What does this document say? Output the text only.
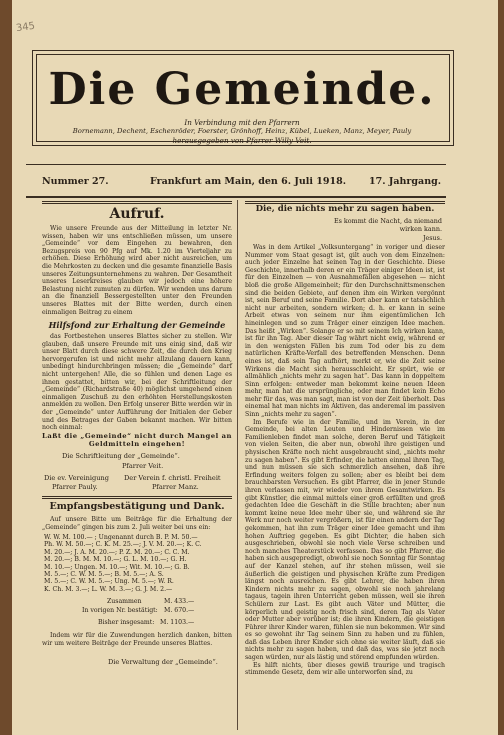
345
Die Gemeinde.
In Verbindung mit den Pfarrern
Bornemann, Dechent, Eschenröder, Foerster, Grönhoff, Heinz, Kübel, Lueken, Manz, Meyer, Pauly
herausgegeben von Pfarrer Willy Veit.
Nummer 27.	Frankfurt am Main, den 6. Juli 1918. 17. Jahrgang.
Aufruf.

Wie unsere Freunde aus der Mitteilung in letzter Nr. wissen, haben wir uns entschließen müssen, um unsere „Gemeinde“ vor dem Eingehen zu bewahren, den Bezugspreis von 90 Pfg auf Mk. 1.20 im Vierteljahr zu erhöhen. Diese Erhöhung wird aber nicht ausreichen, um die Mehrkosten zu decken und die gesamte finanzielle Basis unseres Zeitungsunternehmens zu wahren. Der Gesamtheit unseres Leserkreises glauben wir jedoch eine höhere Belastung nicht zumuten zu dürfen. Wir wenden uns darum an die finanziell Bessergestellten unter den Freunden unseres Blattes mit der Bitte werden, durch einen einmaligen Beitrag zu einem

Hilfsfond zur Erhaltung der Gemeinde

das Fortbestehen unseres Blattes sicher zu stellen. Wir glauben, daß unsere Freunde mit uns einig sind, daß wir unser Blatt durch diese schwere Zeit, die durch den Krieg hervorgerufen ist und nicht mehr allzulang dauern kann, unbedingt hindurchbringen müssen; die „Gemeinde“ darf nicht untergehen! Alle, die so fühlen und denen Lage es ihnen gestattet, bitten wir, bei der Schriftleitung der „Gemeinde“ (Richardstraße 40) möglichst umgehend einen einmaligen Zuschuß zu den erhöhten Herstellungskosten anmelden zu wollen. Den Erfolg unserer Bitte werden wir in der „Gemeinde“ unter Aufführung der Initialen der Geber und des Betrages der Gaben bekannt machen. Wir bitten noch einmal:

Laßt die „Gemeinde“ nicht durch Mangel an Geldmitteln eingehen!
Die Schriftleitung der „Gemeinde“.
Pfarrer Veit.
Die ev. Vereinigung
Pfarrer Pauly.
Der Verein f. christl. Freiheit
Pfarrer Manz.
Empfangsbestätigung und Dank.

Auf unsere Bitte um Beiträge für die Erhaltung der „Gemeinde“ gingen bis zum 2. Juli weiter bei uns ein:

W. W. M. 100.— ; Ungenannt durch B. P. M. 50.—
Ph. W. M. 50.—; C. K. M. 25.—; J. V. M. 20.—; K. C.
M. 20.—; J. A. M. 20.—; P. Z. M. 20.—; C. C. M.
M. 20.—; B. M. M. 10.—; G. L. M. 10.—; G. H.
M. 10.—; Ungen. M. 10.—; Wit. M. 10.—; G. B.
M. 5.—; C. W. M. 5.—; B. M. 5.—; A. S.
M. 5.—; C. W. M. 5.—; Ung. M. 5.—; W. R.
K. Ch. M. 3.—; L. W. M. 3.—; G. J. M. 2.—
Zusammen	M. 433.—
In vorigen Nr. bestätigt: M. 670.—
Bisher insgesamt: M. 1103.—

Indem wir für die Zuwendungen herzlich danken, bitten wir um weitere Beiträge der Freunde unseres Blattes.

Die Verwaltung der „Gemeinde“.
Die, die nichts mehr zu sagen haben.
Es kommt die Nacht, da niemand wirken kann.
Jesus.

Was in dem Artikel „Volksuntergang“ in voriger und dieser Nummer vom Staat gesagt ist, gilt auch von dem Einzelnen: auch jeder Einzelne hat seinen Tag in der Geschichte. Diese Geschichte, innerhalb deren er ein Träger einiger Ideen ist, ist für den Einzelnen — von Ausnahmefällen abgesehen — nicht bloß die große Allgemeinheit; für den Durchschnittsmenschen sind die beiden Gebiete, auf denen ihm ein Wirken vergönnt ist, sein Beruf und seine Familie. Dort aber kann er tatsächlich nicht nur arbeiten, sondern wirken; d. h. er kann in seine Arbeit etwas von seinem nur ihm eigentümlichen Ich hineinlegen und so zum Träger einer einzigen Idee machen. Das heißt „Wirken“. Solange er so mit seinem Ich wirken kann, ist für ihn Tag. Aber dieser Tag währt nicht ewig, während er in den wenigsten Fällen bis zum Tod oder bis zu dem natürlichen Kräfte-Verfall des betreffenden Menschen. Denn eines ist, daß sein Tag aufhört, merkt er, wie die Zeit seine Wirkens die Macht sich herausschleicht. Er spürt, wie er allmählich „nichts mehr zu sagen hat“. Das kann in doppeltem Sinn erfolgen: entweder man bekommt keine neuen Ideen mehr, man hat die ursprüngliche, oder man findet kein Echo mehr für das, was man sagt, man ist von der Zeit überholt. Das einemal hat man nichts im Aktiven, das anderemal im passiven Sinn „nichts mehr zu sagen“.

Im Berufe wie in der Familie, und im Verein, in der Gemeinde, bei alten Leuten und Hindernissen wie im Familienleben findet man solche, deren Beruf und Tätigkeit von vielen Seiten, die aber nun, obwohl ihre geistigen und physischen Kräfte noch nicht ausgebraucht sind, „nichts mehr zu sagen haben“. Es gibt Erfinder, die hatten einmal ihren Tag, und nun müssen sie sich schmerzlich ansehen, daß ihre Erfindung weiters folgen zu sollen; aber es bleibt bei dem brauchbarsten Versuchen. Es gibt Pfarrer, die in jener Stunde ihren verlassen mit, wir wieder von ihrem Gesamtwirken. Es gibt Künstler, die einmal mittels einer groß erfüllten und groß gedachten Idee die Geschäft in die Stille brachten; aber nun kommt keine neue Idee mehr über sie, und während sie ihr Werk nur noch weiter vergrößern, ist für einen andern der Tag gekommen, hat ihn zum Träger einer Idee gemacht und ihm hohen Auftrieg gegeben. Es gibt Dichter, die haben sich ausgeschrieben, obwohl sie noch viele Verse schreiben und noch manches Theaterstück verfassen. Das so gibt Pfarrer, die haben sich ausgepredigt, obwohl sie noch Sonntag für Sonntag auf der Kanzel stehen, auf ihr stehen müssen, weil sie äußerlich die geistigen und physischen Kräfte zum Predigen längst noch ausreichen. Es gibt Lehrer, die haben ihren Kindern nichts mehr zu sagen, obwohl sie noch jahrelang tagaus, tagein ihren Unterricht geben müssen, weil sie ihren Schülern zur Last. Es gibt auch Väter und Mütter, die körperlich und geistig noch frisch sind, deren Tag als Vater oder Mutter aber vorüber ist; die ihren Kindern, die geistigen Führer ihrer Kinder waren, fühlen sie nun bekommen. Wir sind es so gewohnt ihr Tag seinem Sinn zu haben und zu fühlen, daß das Leben ihrer Kinder sich ohne sie weiter läuft, daß sie nichts mehr zu sagen haben, und daß das, was sie jetzt noch sagen würden, nur als lästig und störend empfunden würden.

Es hilft nichts, über dieses gewiß traurige und tragisch stimmende Gesetz, dem wir alle unterworfen sind, zu
